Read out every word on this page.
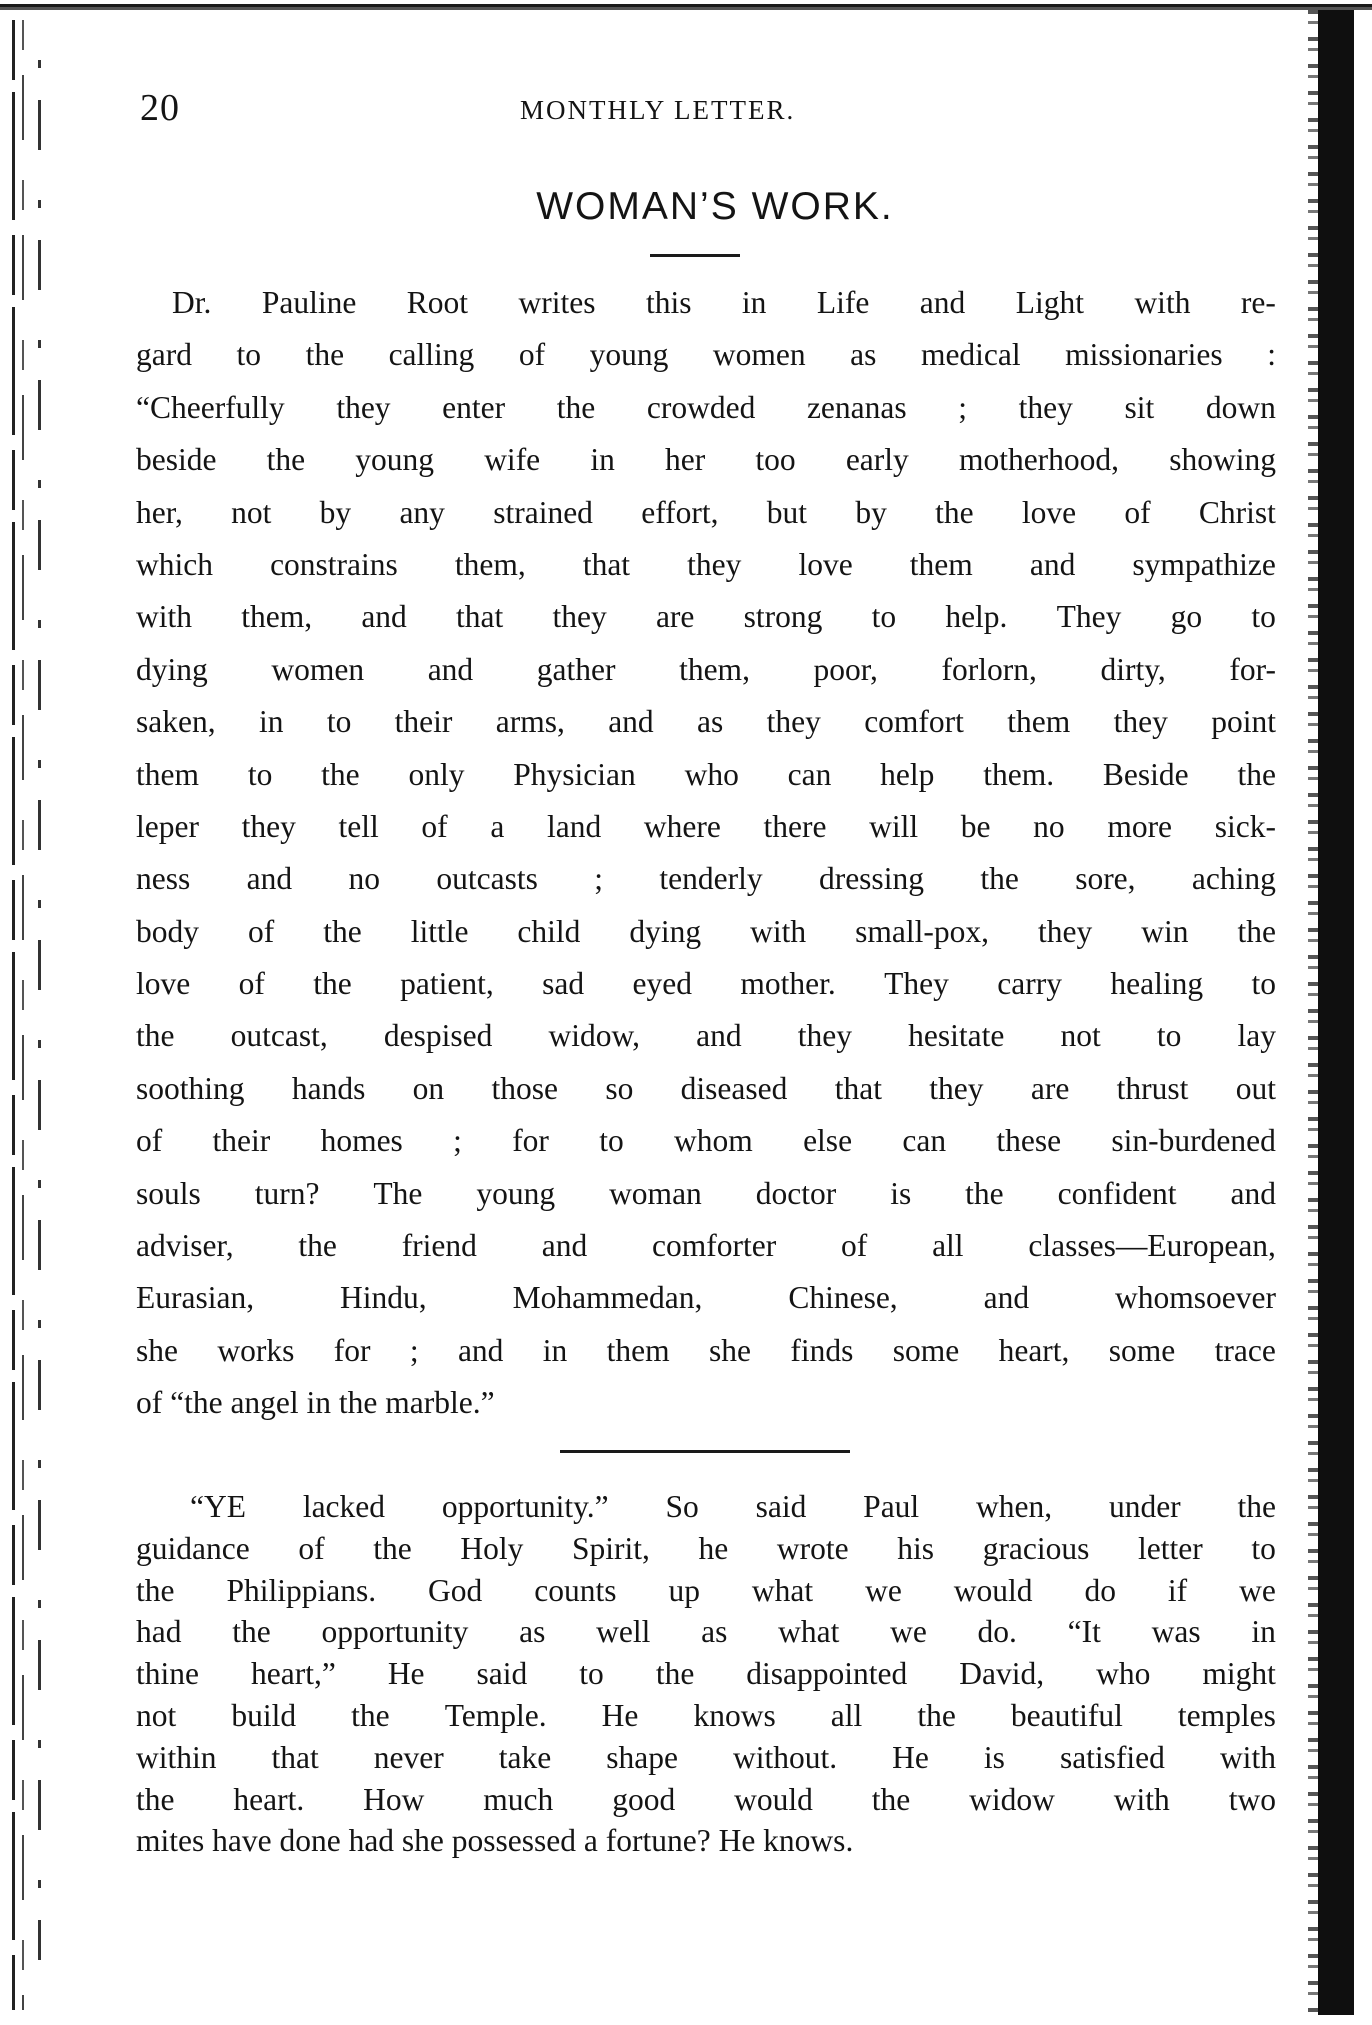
20	MONTHLY LETTER.
WOMAN’S WORK.
Dr. Pauline Root writes this in Life and Light with re-
gard to the calling of young women as medical missionaries :
“Cheerfully they enter the crowded zenanas ; they sit down
beside the young wife in her too early motherhood, showing
her, not by any strained effort, but by the love of Christ
which constrains them, that they love them and sympathize
with them, and that they are strong to help. They go to
dying women and gather them, poor, forlorn, dirty, for-
saken, in to their arms, and as they comfort them they point
them to the only Physician who can help them. Beside the
leper they tell of a land where there will be no more sick-
ness and no outcasts ; tenderly dressing the sore, aching
body of the little child dying with small-pox, they win the
love of the patient, sad eyed mother. They carry healing to
the outcast, despised widow, and they hesitate not to lay
soothing hands on those so diseased that they are thrust out
of their homes ; for to whom else can these sin-burdened
souls turn? The young woman doctor is the confident and
adviser, the friend and comforter of all classes—European,
Eurasian,	Hindu,	Mohammedan,	Chinese,	and	whomsoever
she works for ; and in them she finds some heart, some trace
of “the angel in the marble.”
“YE lacked opportunity.” So said Paul when, under the
guidance of the Holy Spirit, he wrote his gracious letter to
the Philippians. God counts up what we would do if we
had the opportunity as well as what we do. “It was in
thine heart,” He said to the disappointed David, who might
not build the Temple. He knows all the beautiful temples
within that never take shape without. He is satisfied with
the heart. How much good would the widow with two
mites have done had she possessed a fortune? He knows.
